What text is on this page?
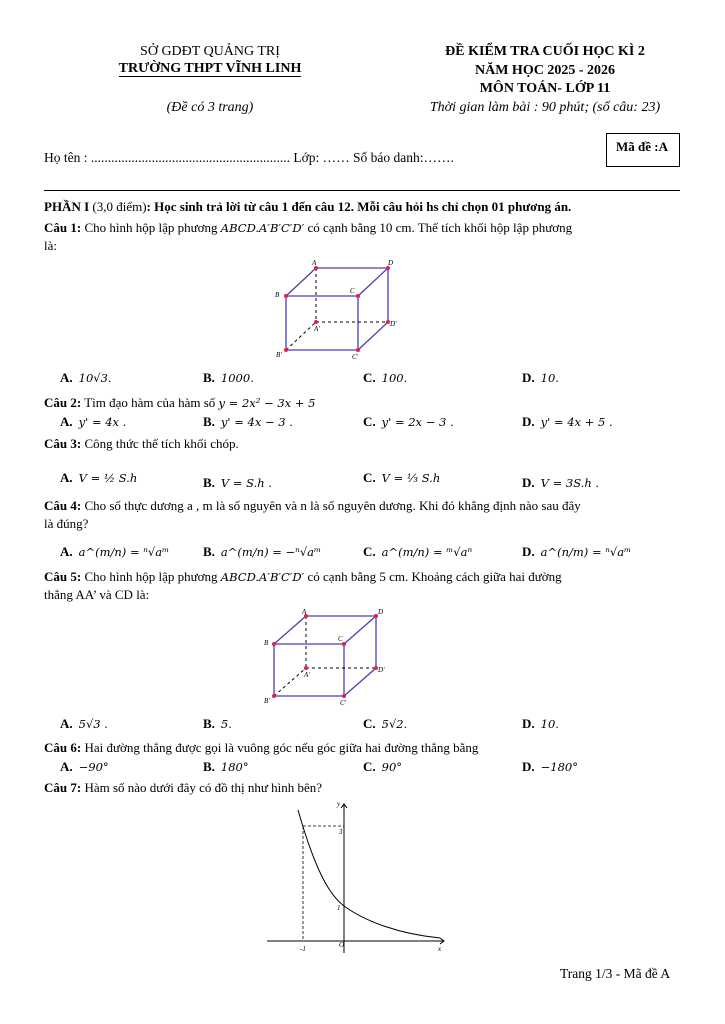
SỞ GDĐT QUẢNG TRỊ
TRƯỜNG THPT VĨNH LINH
(Đề có 3 trang)
ĐỀ KIỂM TRA CUỐI HỌC KÌ 2
NĂM HỌC 2025 - 2026
MÔN TOÁN- LỚP 11
Thời gian làm bài : 90 phút; (số câu: 23)
Họ tên : ........................................................... Lớp: …… Số báo danh:…….
Mã đề :A
PHẦN I (3,0 điểm): Học sinh trả lời từ câu 1 đến câu 12. Mỗi câu hỏi hs chỉ chọn 01 phương án.
Câu 1: Cho hình hộp lập phương ABCD.A′B′C′D′ có cạnh bằng 10 cm. Thể tích khối hộp lập phương
là:
A	D
B	C
A'
D'
B'	C'
A. 10√3.	B. 1000.	C. 100.	D. 10.
Câu 2: Tìm đạo hàm của hàm số y = 2x² − 3x + 5
A. y' = 4x .	B. y' = 4x − 3 .	C. y' = 2x − 3 .	D. y' = 4x + 5 .
Câu 3: Công thức thể tích khối chóp.
A. V = ½ S.h	B. V = S.h .	C. V = ⅓ S.h	D. V = 3S.h .
Câu 4: Cho số thực dương a , m là số nguyên và n là số nguyên dương. Khi đó khẳng định nào sau đây
là đúng?
A. a^(m/n) = ⁿ√aᵐ	B. a^(m/n) = −ⁿ√aᵐ	C. a^(m/n) = ᵐ√aⁿ	D. a^(n/m) = ⁿ√aᵐ
Câu 5: Cho hình hộp lập phương ABCD.A′B′C′D′ có cạnh bằng 5 cm. Khoảng cách giữa hai đường
thẳng AA’ và CD là:
A	D
B	C
A'
D'
B'	C'
A. 5√3 .	B. 5.	C. 5√2.	D. 10.
Câu 6: Hai đường thẳng được gọi là vuông góc nếu góc giữa hai đường thẳng bằng
A. −90°	B. 180°	C. 90°	D. −180°
Câu 7: Hàm số nào dưới đây có đồ thị như hình bên?
y
x
O
-1
1
3
Trang 1/3 - Mã đề A
